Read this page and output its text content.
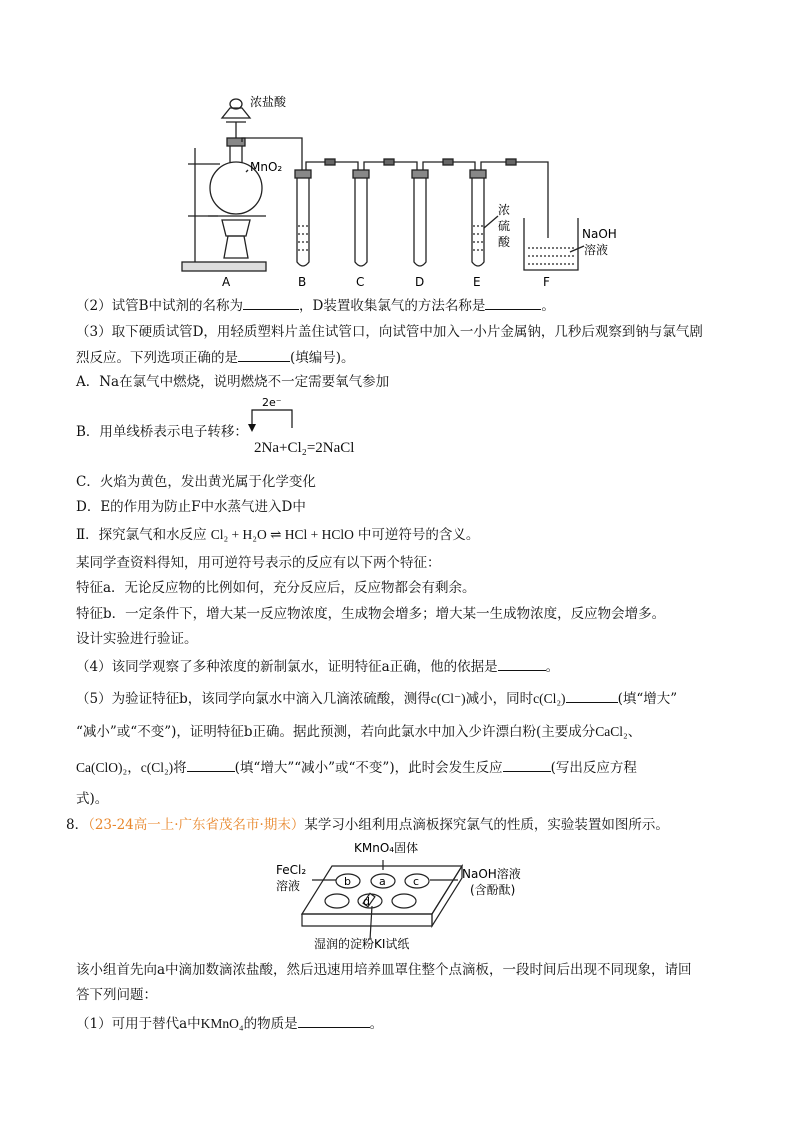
浓盐酸
MnO₂
浓
硫
酸
NaOH
溶液
A	B	C	D	E	F
（2）试管B中试剂的名称为	，D装置收集氯气的方法名称是	。
（3）取下硬质试管D，用轻质塑料片盖住试管口，向试管中加入一小片金属钠，几秒后观察到钠与氯气剧
烈反应。下列选项正确的是	(填编号)。
A．Na在氯气中燃烧，说明燃烧不一定需要氧气参加
B．用单线桥表示电子转移：
2e⁻
2Na+Cl₂=2NaCl
C．火焰为黄色，发出黄光属于化学变化
D．E的作用为防止F中水蒸气进入D中
Ⅱ．探究氯气和水反应 Cl₂ + H₂O ⇌ HCl + HClO 中可逆符号的含义。
某同学查资料得知，用可逆符号表示的反应有以下两个特征：
特征a．无论反应物的比例如何，充分反应后，反应物都会有剩余。
特征b．一定条件下，增大某一反应物浓度，生成物会增多；增大某一生成物浓度，反应物会增多。
设计实验进行验证。
（4）该同学观察了多种浓度的新制氯水，证明特征a正确，他的依据是	。
（5）为验证特征b，该同学向氯水中滴入几滴浓硫酸，测得c(Cl⁻)减小，同时c(Cl₂)	(填“增大”
“减小”或“不变”)，证明特征b正确。据此预测，若向此氯水中加入少许漂白粉(主要成分CaCl₂、
Ca(ClO)₂，c(Cl₂)将	(填“增大”“减小”或“不变”)，此时会发生反应	(写出反应方程
式)。
8．（23-24高一上·广东省茂名市·期末）某学习小组利用点滴板探究氯气的性质，实验装置如图所示。
b	a c
d
KMnO₄固体
FeCl₂
溶液
NaOH溶液
(含酚酞)
湿润的淀粉KI试纸
该小组首先向a中滴加数滴浓盐酸，然后迅速用培养皿罩住整个点滴板，一段时间后出现不同现象，请回
答下列问题：
（1）可用于替代a中KMnO₄的物质是	。
